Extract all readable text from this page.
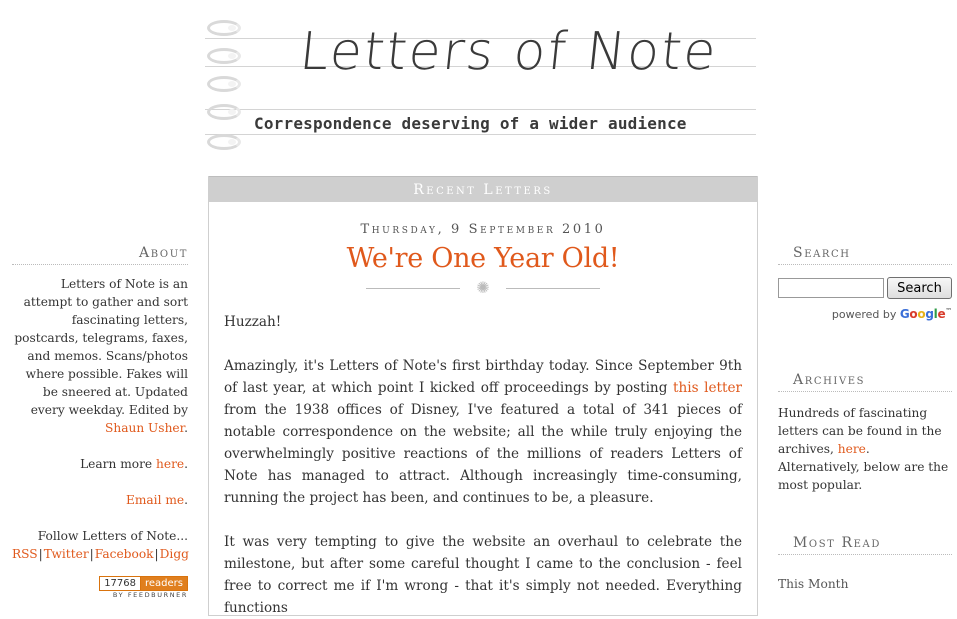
Letters of Note
Correspondence deserving of a wider audience
About

Letters of Note is an attempt to gather and sort fascinating letters, postcards, telegrams, faxes, and memos. Scans/photos where possible. Fakes will be sneered at. Updated every weekday. Edited by Shaun Usher.

Learn more here.

Email me.

Follow Letters of Note...
RSS|Twitter|Facebook|Digg
17768 readers
BY FEEDBURNER
Recent Letters
Thursday, 9 September 2010
We're One Year Old!
✺

Huzzah!

Amazingly, it's Letters of Note's first birthday today. Since September 9th of last year, at which point I kicked off proceedings by posting this letter from the 1938 offices of Disney, I've featured a total of 341 pieces of notable correspondence on the website; all the while truly enjoying the overwhelmingly positive reactions of the millions of readers Letters of Note has managed to attract. Although increasingly time-consuming, running the project has been, and continues to be, a pleasure.

It was very tempting to give the website an overhaul to celebrate the milestone, but after some careful thought I came to the conclusion - feel free to correct me if I'm wrong - that it's simply not needed. Everything functions

Search
Search
powered by Google™
Archives
Hundreds of fascinating letters can be found in the archives, here. Alternatively, below are the most popular.
Most Read
This Month
